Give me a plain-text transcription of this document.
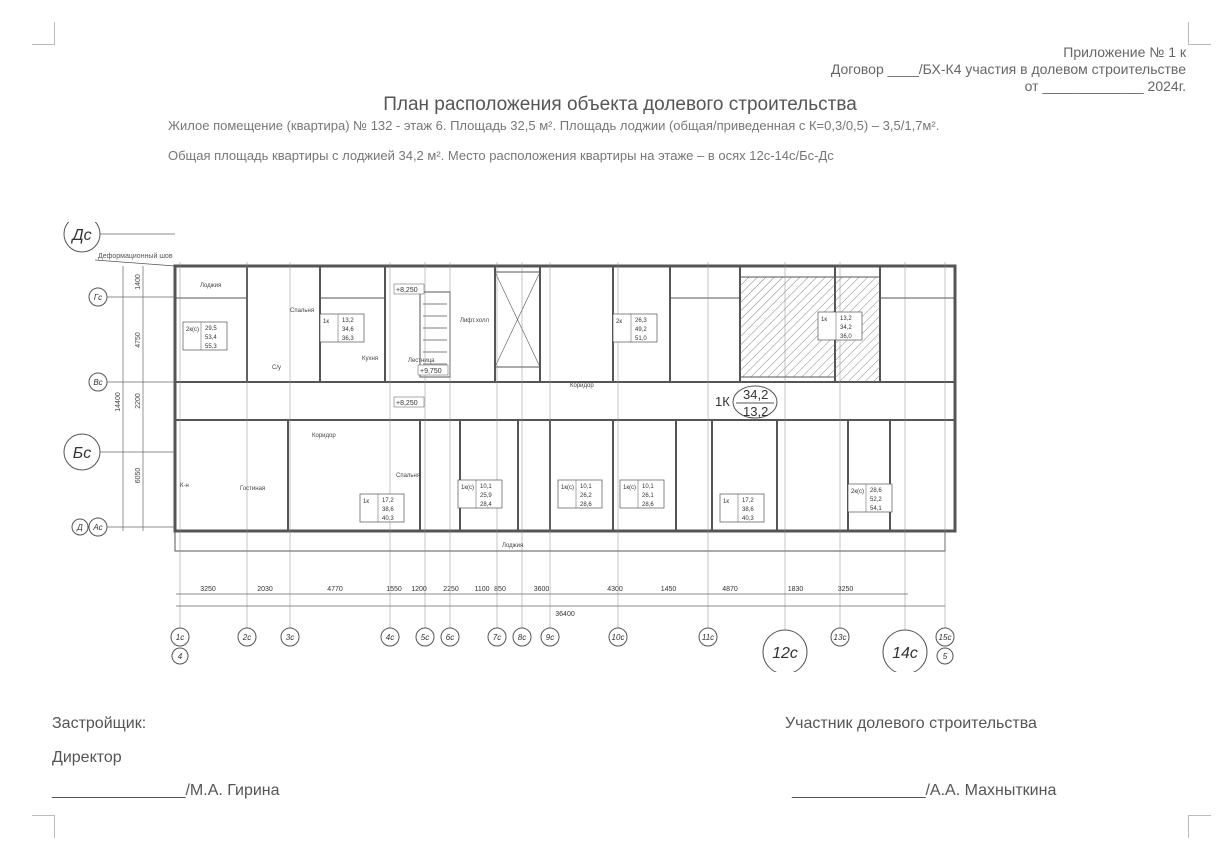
Приложение № 1 к
Договор ____/БХ-К4 участия в долевом строительстве
от _____________ 2024г.
План расположения объекта долевого строительства
Жилое помещение (квартира) № 132 - этаж 6. Площадь 32,5 м². Площадь лоджии (общая/приведенная с К=0,3/0,5) – 3,5/1,7м².
Общая площадь квартиры с лоджией 34,2 м². Место расположения квартиры на этаже – в осях 12с-14с/Бс-Дс
1К 34,2
13,2
Деформационный шов
Дс
Гс
Вс
Бс
Ас
Д
1400
4750
2200
6050
14400
3250	2030	4770	1550 1200 2250 1100 850	3600	4300	1450	4870	1830	3250
36400
1с	2с	3с	4с	5с 6с	7с 8с 9с	10с	11с
12с
13с
14с
15с
4	5
Лоджия
Спальня
Кухня
Гостиная
Коридор
С/у
Лестница
Лифт.холл
К-н
Лоджия
Спальня
Коридор
2к(с) 29,5
53,4
55,3
1к 13,2
34,6
36,3
2к 26,3
49,2
51,0
1к 13,2
34,2
36,0
1к 17,2
38,6
40,3
1к(с) 10,1
25,9
28,4
1к(с) 10,1
26,2
28,6
1к(с) 10,1
26,1
28,6	1к 17,2
38,6
40,3
2к(с) 28,6
52,2
54,1
+8,250
+9,750
+8,250
Застройщик:
Директор
_______________/М.А. Гирина
Участник долевого строительства
_______________/А.А. Махныткина
